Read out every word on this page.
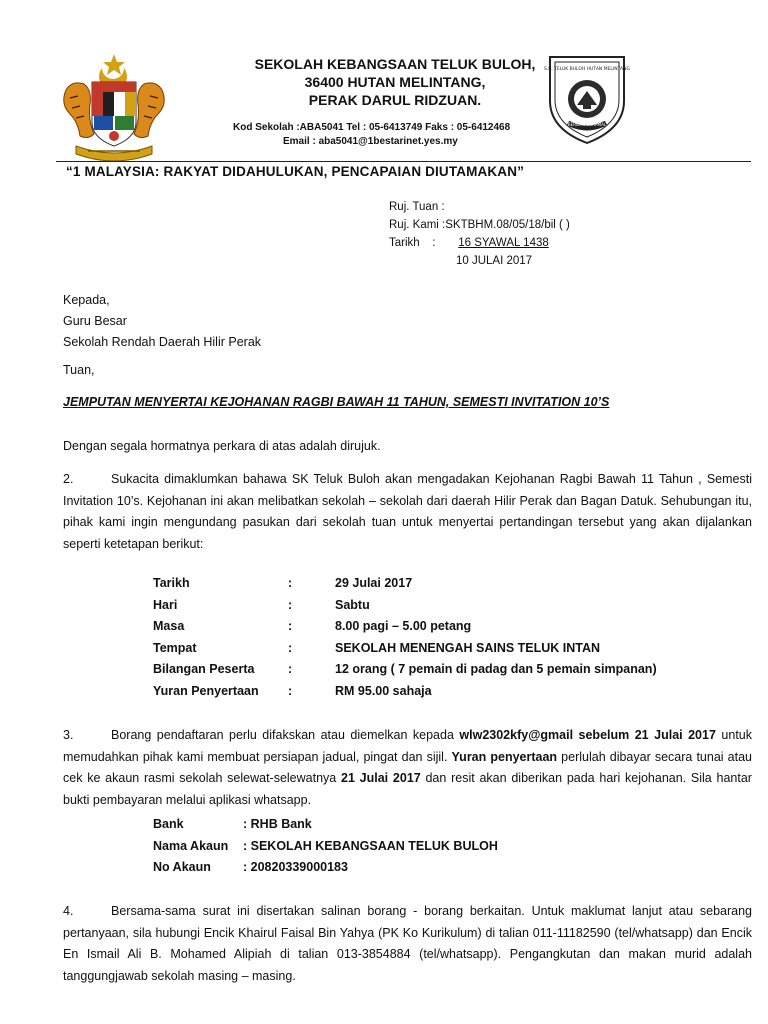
SEKOLAH KEBANGSAAN TELUK BULOH,
36400 HUTAN MELINTANG,
PERAK DARUL RIDZUAN.
Kod Sekolah :ABA5041 Tel : 05-6413749 Faks : 05-6412468
Email : aba5041@1bestarinet.yes.my
S.K. TELUK BULOH HUTAN MELINTANG
BERILMU BERAMAL
“1 MALAYSIA: RAKYAT DIDAHULUKAN, PENCAPAIAN DIUTAMAKAN”
Ruj. Tuan :
Ruj. Kami :SKTBHM.08/05/18/bil ( )
Tarikh : 16 SYAWAL 1438
10 JULAI 2017
Kepada,
Guru Besar
Sekolah Rendah Daerah Hilir Perak
Tuan,
JEMPUTAN MENYERTAI KEJOHANAN RAGBI BAWAH 11 TAHUN, SEMESTI INVITATION 10’S
Dengan segala hormatnya perkara di atas adalah dirujuk.

2.	Sukacita dimaklumkan bahawa SK Teluk Buloh akan mengadakan Kejohanan Ragbi Bawah 11 Tahun , Semesti Invitation 10’s. Kejohanan ini akan melibatkan sekolah – sekolah dari daerah Hilir Perak dan Bagan Datuk. Sehubungan itu, pihak kami ingin mengundang pasukan dari sekolah tuan untuk menyertai pertandingan tersebut yang akan dijalankan seperti ketetapan berikut:

Tarikh	:	29 Julai 2017
Hari	:	Sabtu
Masa	:	8.00 pagi – 5.00 petang
Tempat	:	SEKOLAH MENENGAH SAINS TELUK INTAN
Bilangan Peserta	:	12 orang ( 7 pemain di padag dan 5 pemain simpanan)
Yuran Penyertaan :	RM 95.00 sahaja

3.	Borang pendaftaran perlu difakskan atau diemelkan kepada wlw2302kfy@gmail sebelum 21 Julai 2017 untuk memudahkan pihak kami membuat persiapan jadual, pingat dan sijil. Yuran penyertaan perlulah dibayar secara tunai atau cek ke akaun rasmi sekolah selewat-selewatnya 21 Julai 2017 dan resit akan diberikan pada hari kejohanan. Sila hantar bukti pembayaran melalui aplikasi whatsapp.

Bank	: RHB Bank
Nama Akaun : SEKOLAH KEBANGSAAN TELUK BULOH
No Akaun	: 20820339000183

4.	Bersama-sama surat ini disertakan salinan borang - borang berkaitan. Untuk maklumat lanjut atau sebarang pertanyaan, sila hubungi Encik Khairul Faisal Bin Yahya (PK Ko Kurikulum) di talian 011-11182590 (tel/whatsapp) dan Encik En Ismail Ali B. Mohamed Alipiah di talian 013-3854884 (tel/whatsapp). Pengangkutan dan makan murid adalah tanggungjawab sekolah masing – masing.
